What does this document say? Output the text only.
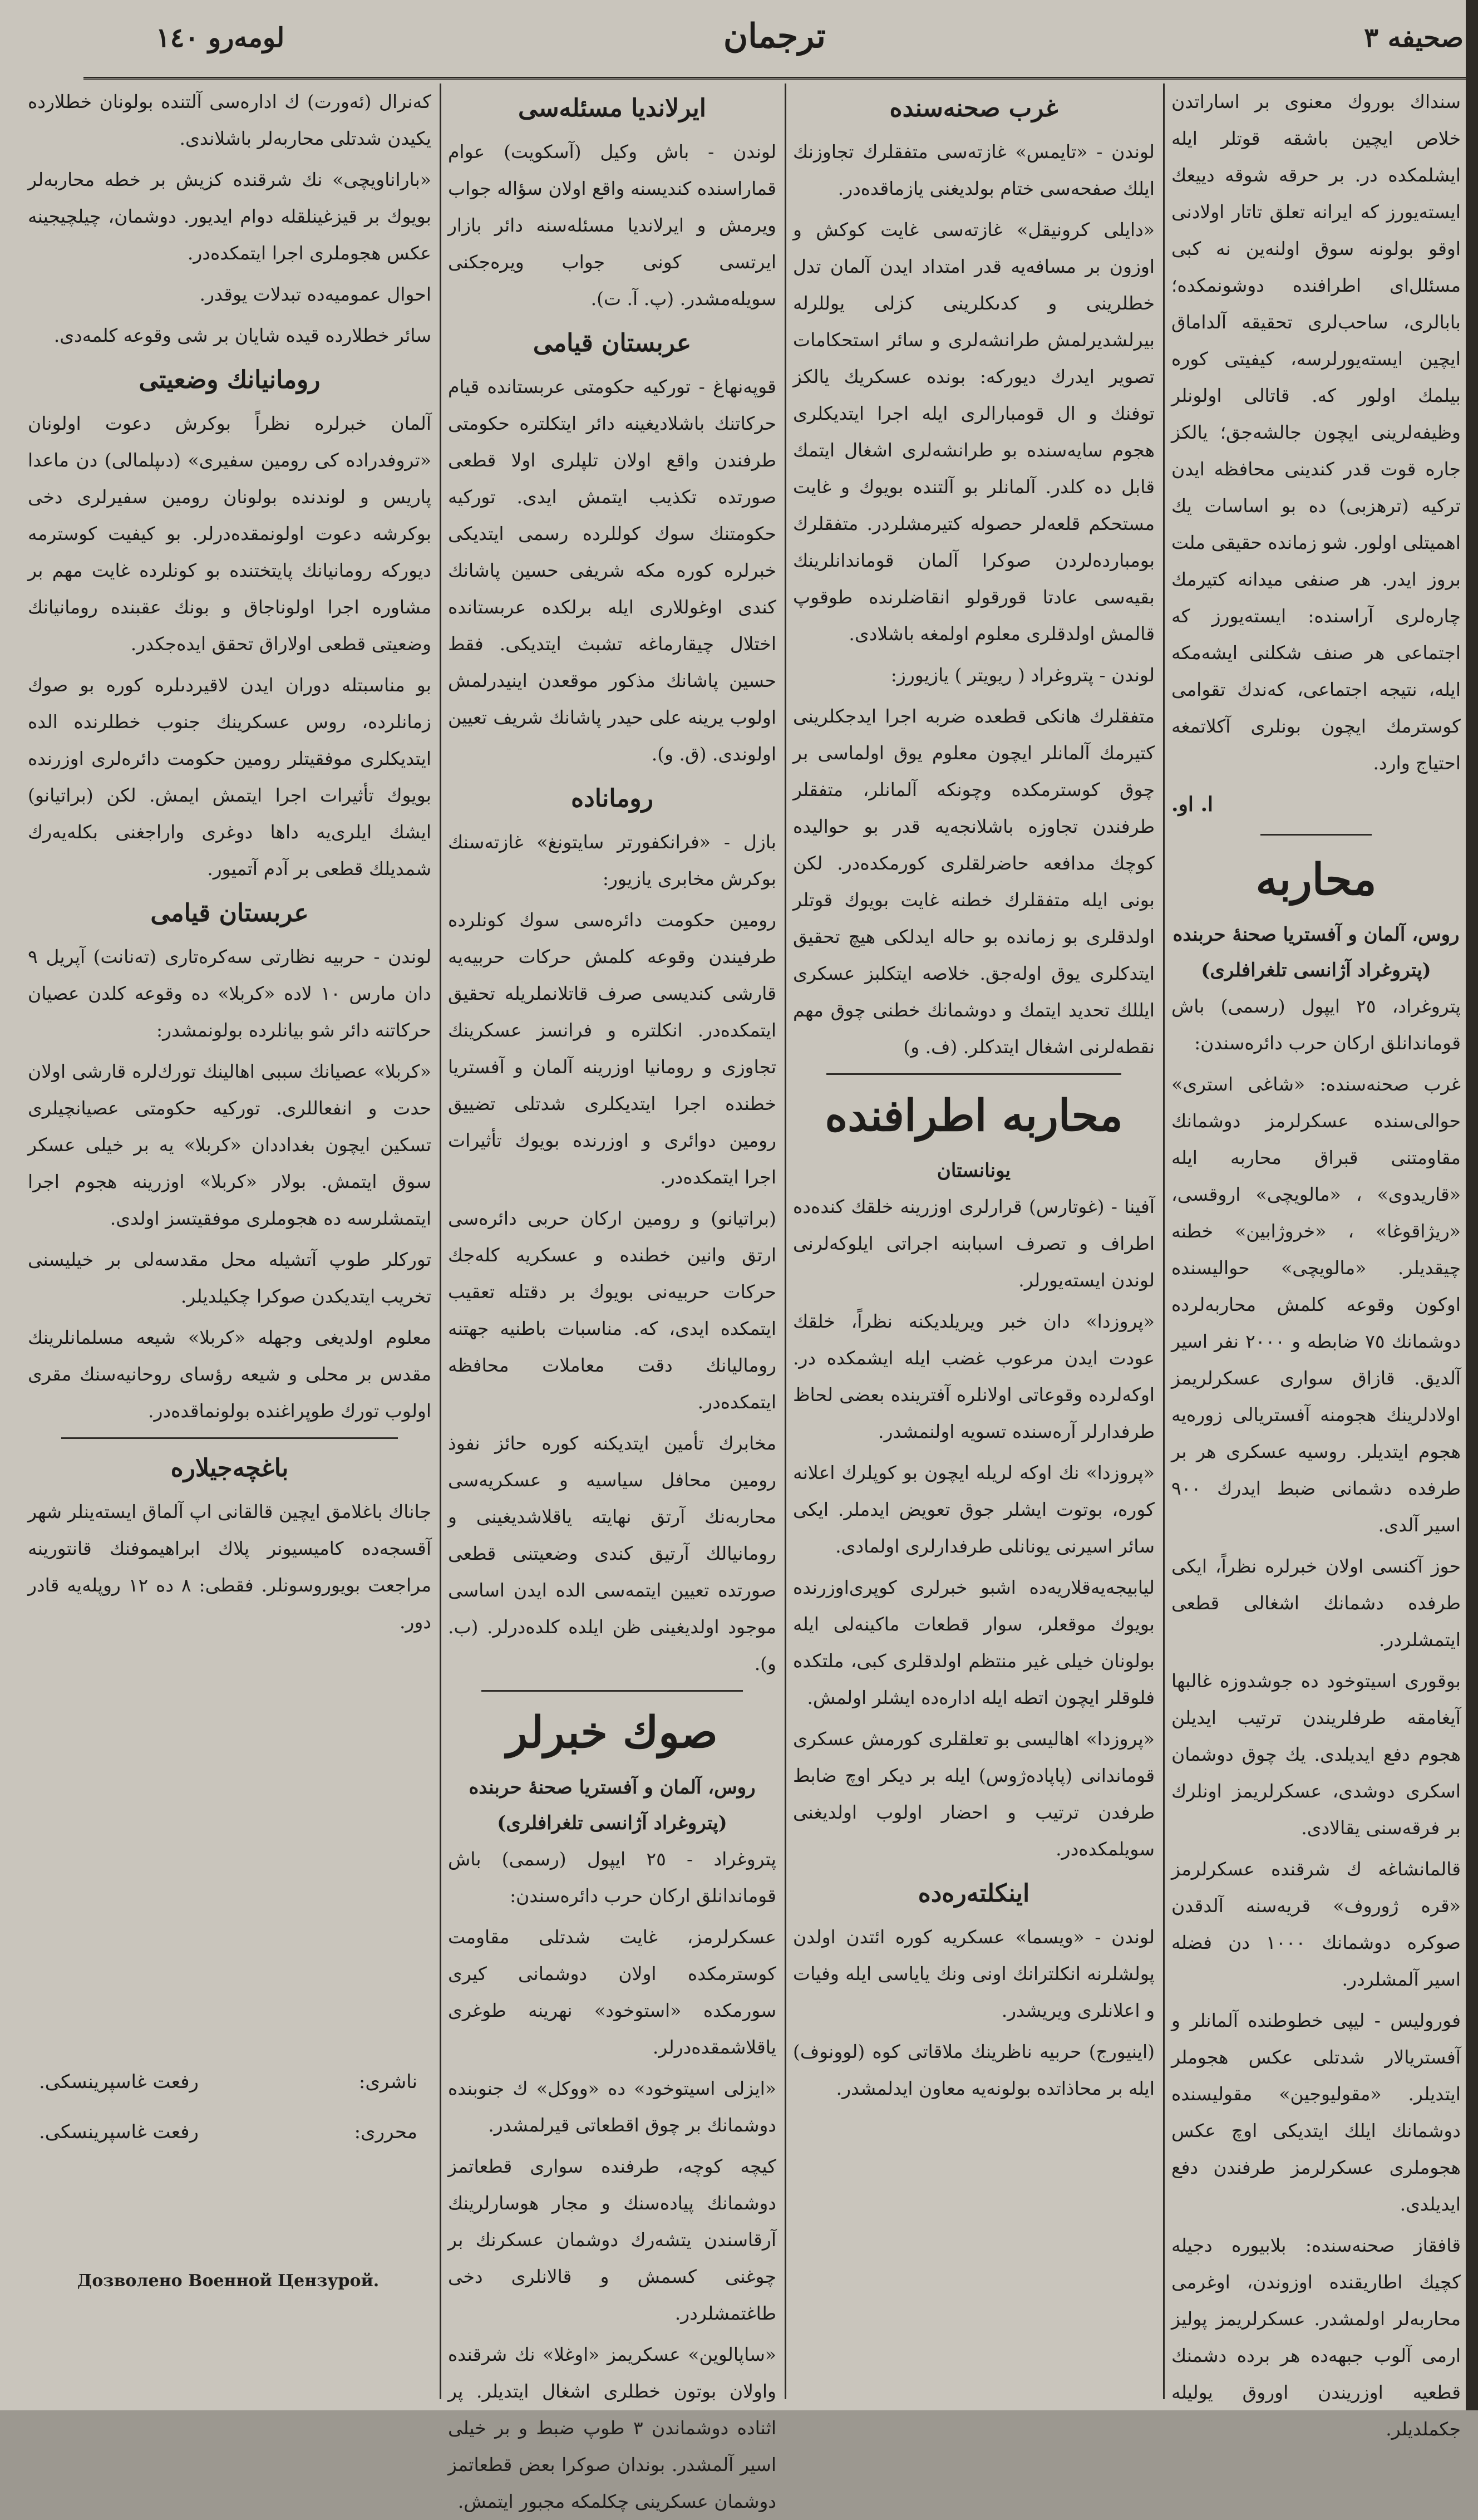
لومه‌رو ١٤٠	ترجمان	صحیفه ٣

سنداك بوروك معنوى بر اساراتدن خلاص ايچين باشقه قوتلر ايله ايشلمكده در. بر حرقه شوقه دييعك ايسته‌يورز كه ايرانه تعلق تاتار اولادنى اوقو بولونه سوق اولنه‌ين نه كبى مسئلل‌اى اطرافنده دوشونمكده؛ بابالرى، ساحب‌لرى تحقيقه آلداماق ايچين ايسته‌يورلرسه، كيفيتى كوره بيلمك اولور كه. قاتالى اولونلر وظيفه‌لرينى ايچون جالشه‌جق؛ يالكز جاره قوت قدر كندينى محافظه ايدن تركيه (ترهزبى) ده بو اساسات يك اهميتلى اولور. شو زمانده حقيقى ملت بروز ايدر. هر صنفى ميدانه كتيرمك چاره‌لرى آراسنده: ايسته‌يورز كه اجتماعى هر صنف شكلنى ايشه‌مكه ايله، نتيجه اجتماعى، كه‌ندك تقوامى كوسترمك ايچون بونلرى آكلاتمغه احتياج وارد.

ا. او.

محاربه
روس، آلمان و آفستريا صحنهٔ حربنده
(پتروغراد آژانسى تلغرافلرى)

پتروغراد، ٢٥ ايپول (رسمى) باش قوماندانلق ارکان حرب دائره‌سندن:

غرب صحنه‌سنده: «شاغى استرى» حوالى‌سنده عسكرلرمز دوشمانك مقاومتنى قبراق محاربه ايله «قاريدوى» ، «مالويچى» اروقسى، «ريژاقوغا» ، «خروژابين» خطنه چيقديلر. «مالويچى» حواليسنده اوكون وقوعه كلمش محاربه‌لرده دوشمانك ٧٥ ضابطه و ٢٠٠٠ نفر اسير آلديق. قازاق سوارى عسكرلريمز اولادلرينك هجومنه آفستريالى زوره‌يه هجوم ايتديلر. روسيه عسكرى هر بر طرفده دشمانى ضبط ايدرك ٩٠٠ اسير آلدى.

حوز آكنسى اولان خبرلره نظراً، ايكى طرفده دشمانك اشغالى قطعى ايتمشلردر.

بوقورى اسيتوخود ده جوشدوزه غالبها آيغامقه طرفلريندن ترتيب ايديلن هجوم دفع ايديلدى. يك چوق دوشمان اسكرى دوشدى، عسكرلريمز اونلرك بر فرقه‌سنى يقالادى.

قالمانشاغه ك شرقنده عسكرلرمز «قره ژوروف» قريه‌سنه آلدقدن صوكره دوشمانك ١٠٠٠ دن فضله اسير آلمشلردر.

فوروليس - ليپى خطوطنده آلمانلر و آفستريالار شدتلى عكس هجوملر ايتديلر. «مقوليوجين» مقوليسنده دوشمانك ايلك ايتديكى اوچ عكس هجوملرى عسكرلرمز طرفندن دفع ايديلدى.

قافقاز صحنه‌سنده: بلابيوره دجيله كچيك اطاريقنده اوزوندن، اوغرمى محاربه‌لر اولمشدر. عسكرلريمز پوليز ارمى آلوب جبهه‌ده هر برده دشمنك قطعيه اوزريندن اوروق يوليله جكملديلر.

غرب صحنه‌سنده

لوندن - «تايمس» غازته‌سى متفقلرك تجاوزنك ايلك صفحه‌سى ختام بولديغنى يازماقده‌در.

«دايلى كرونيقل» غازته‌سى غايت كوكش و اوزون بر مسافه‌يه قدر امتداد ايدن آلمان تدل خطلرينى و كدىكلرينى كزلى يوللرله بيرلشديرلمش طرانشه‌لرى و سائر استحكامات تصوير ايدرك ديورکه: بونده عسكريك يالكز توفنك و ال قومبارالرى ايله اجرا ايتديكلرى هجوم سايه‌سنده بو طرانشه‌لرى اشغال ايتمك قابل ده كلدر. آلمانلر بو آلتنده بويوك و غايت مستحكم قلعه‌لر حصوله كتيرمشلردر. متفقلرك بومبارده‌لردن صوكرا آلمان قوماندانلرينك بقيه‌سى عادتا قورقولو انقاضلرنده طوقوپ قالمش اولدقلرى معلوم اولمغه باشلادى.

لوندن - پتروغراد ( ريويتر ) يازيورز:

متفقلرك هانكى قطعده ضربه اجرا ايدجكلرينى كتيرمك آلمانلر ايچون معلوم يوق اولماسى بر چوق كوسترمكده وچونكه آلمانلر، متفقلر طرفندن تجاوزه باشلانجه‌يه قدر بو حواليده كوچك مدافعه حاضرلقلرى كورمكده‌در. لكن بونى ايله متفقلرك خطنه غايت بويوك قوتلر اولدقلرى بو زمانده بو حاله ايدلكى هيچ تحقيق ايتدكلرى يوق اوله‌جق. خلاصه ايتكلبز عسكرى ايللك تحديد ايتمك و دوشمانك خطنى چوق مهم نقطه‌لرنى اشغال ايتدكلر. (ف. و)

محاربه اطرافنده
يونانستان

آفينا - (غوتارس) قرارلرى اوزرينه خلقك كنده‌ده اطراف و تصرف اسبابنه اجراتى ايلوكه‌لرنى لوندن ايسته‌يورلر.

«پروزدا» دان خبر ويريلديكنه نظراً، خلقك عودت ايدن مرعوب غضب ايله ايشمكده در. اوكه‌لرده وقوعاتى اولانلره آفترينده بعضى لحاظ طرفدارلر آره‌سنده تسويه اولنمشدر.

«پروزدا» نك اوكه لريله ايچون بو كوپلرك اعلانه كوره، بوتوت ايشلر جوق تعويض ايدملر. ايكى سائر اسيرنى يونانلى طرفدارلرى اولمادى.

ليابيجه‌يه‌قلاريه‌ده اشبو خبرلرى كوپرى‌اوزرنده بويوك موقعلر، سوار قطعات ماكينه‌لى ايله بولونان خيلى غير منتظم اولدقلرى كبى، ملتكده فلوقلر ايچون اتطه ايله اداره‌ده ايشلر اولمش.

«پروزدا» اهاليسى بو تعلقلرى كورمش عسكرى قوماندانى (پاپاده‌ژوس) ايله بر ديكر اوچ ضابط طرفدن ترتيب و احضار اولوب اولديغنى سويلمكده‌در.

اينكلته‌ره‌ده

لوندن - «ويسما» عسكريه كوره ائتدن اولدن پولشلرنه انكلترانك اونى ونك ياياسى ايله وفيات و اعلانلرى ويريشدر.

(اينيورج) حربيه ناظرينك ملاقاتى كوه (لوونوف) ايله بر محاذاتده بولونه‌يه معاون ايدلمشدر.

ايرلانديا مسئله‌سى

لوندن - باش وكيل (آسكويت) عوام قماراسنده كنديسنه واقع اولان سؤاله جواب ويرمش و ايرلانديا مسئله‌سنه دائر بازار ايرتسى كونى جواب ويره‌جكنى سويله‌مشدر. (پ. آ. ت).

عربستان قيامى

قوپه‌نهاغ - توركيه حكومتى عربستانده قيام حركاتنك باشلاديغينه دائر ايتكلتره حكومتى طرفندن واقع اولان تلپلرى اولا قطعى صورتده تكذيب ايتمش ايدى. توركيه حكومتنك سوك كوللرده رسمى ايتديكى خبرلره كوره مكه شريفى حسين پاشانك كندى اوغوللارى ايله برلكده عربستانده اختلال چيقارماغه تشبث ايتديكى. فقط حسين پاشانك مذكور موقعدن اينيدرلمش اولوب يرينه على حيدر پاشانك شريف تعيين اولوندى. (ق. و).

روماناده

بازل - «فرانكفورتر سايتونغ» غازته‌سنك بوكرش مخابرى يازيور:

رومين حكومت دائره‌سى سوك كونلرده طرفيندن وقوعه كلمش حركات حربيه‌يه قارشى كنديسى صرف قاتلانملريله تحقيق ايتمكده‌در. انكلتره و فرانسز عسكرينك تجاوزى و رومانيا اوزرينه آلمان و آفستريا خطنده اجرا ايتديكلرى شدتلى تضييق رومين دوائرى و اوزرنده بويوك تأثيرات اجرا ايتمكده‌در.

(براتيانو) و رومين اركان حربى دائره‌سى ارتق وانين خطنده و عسكريه كله‌جك حركات حربيه‌نى بويوك بر دقتله تعقيب ايتمكده ايدى، كه. مناسبات باطنيه جهتنه روماليانك دقت معاملات محافظه ايتمكده‌در.

مخابرك تأمين ايتديكنه كوره حائز نفوذ رومين محافل سياسيه و عسكريه‌سى محاربه‌نك آرتق نهايته ياقلاشديغينى و رومانيالك آرتيق كندى وضعيتنى قطعى صورتده تعيين ايتمه‌سى الده ايدن اساسى موجود اولديغينى ظن ايلده كلده‌درلر. (ب. و).

صوك خبرلر
روس، آلمان و آفستريا صحنهٔ حربنده
(پتروغراد آژانسى تلغرافلرى)

پتروغراد - ٢٥ ايپول (رسمى) باش قوماندانلق اركان حرب دائره‌سندن:

عسكرلرمز، غايت شدتلى مقاومت كوسترمكده اولان دوشمانى كيرى سورمكده «استوخود» نهرينه طوغرى ياقلاشمقده‌درلر.

«ايزلى اسيتوخود» ده «ووكل» ك جنوبنده دوشمانك بر چوق اقطعاتى قيرلمشدر.

كيچه كوچه، طرفنده سوارى قطعاتمز دوشمانك پياده‌سنك و مجار هوسارلرينك آرقاسندن يتشه‌رك دوشمان عسكرنك بر چوغنى كسمش و قالانلرى دخى طاغتمشلردر.

«ساپالوين» عسكريمز «اوغلا» نك شرقنده واولان بوتون خطلرى اشغال ايتديلر. پر اثناده دوشماندن ٣ طوپ ضبط و بر خيلى اسير آلمشدر. بوندان صوكرا بعض قطعاتمز دوشمان عسكرينى چكلمكه مجبور ايتمش.

كه‌نرال (ئه‌ورت) ك اداره‌سى آلتنده بولونان خطلارده يكيدن شدتلى محاربه‌لر باشلاندى.

«باراناويچى» نك شرقنده كزيش بر خطه محاربه‌لر بويوك بر قيزغينلقله دوام ايديور. دوشمان، چيلچيجينه عكس هجوملرى اجرا ايتمكده‌در.

احوال عموميه‌ده تبدلات يوقدر.

سائر خطلارده قيده شايان بر شى وقوعه كلمه‌دى.

رومانيانك وضعيتى

آلمان خبرلره نظراً بوكرش دعوت اولونان «تروفدراده كى رومين سفيرى» (دىپلمالى) دن ماعدا پاريس و لوندنده بولونان رومين سفيرلرى دخى بوكرشه دعوت اولونمقده‌درلر. بو كيفيت كوسترمه ديوركه رومانيانك پايتختنده بو كونلرده غايت مهم بر مشاوره اجرا اولوناجاق و بونك عقبنده رومانيانك وضعيتى قطعى اولاراق تحقق ايده‌جكدر.

بو مناسبتله دوران ايدن لاقيردىلره كوره بو صوك زمانلرده، روس عسكرينك جنوب خطلرنده الده ايتديكلرى موفقيتلر رومين حكومت دائره‌لرى اوزرنده بويوك تأثيرات اجرا ايتمش ايمش. لكن (براتيانو) ايشك ايلرى‌يه داها دوغرى واراجغنى بكله‌يه‌رك شمديلك قطعى بر آدم آتميور.

عربستان قيامى

لوندن - حربيه نظارتى سه‌كره‌تارى (تەنانت) آپريل ٩ دان مارس ١٠ لاده «كربلا» ده وقوعه كلدن عصيان حركاتنه دائر شو بيانلرده بولونمشدر:

«كربلا» عصيانك سببى اهالينك تورك‌لره قارشى اولان حدت و انفعاللرى. توركيه حكومتى عصيانچيلرى تسكين ايچون بغداددان «كربلا» يه بر خيلى عسكر سوق ايتمش. بولار «كربلا» اوزرينه هجوم اجرا ايتمشلرسه ده هجوملرى موفقيتسز اولدى.

توركلر طوپ آتشيله محل مقدسه‌لى بر خيليسنى تخريب ايتديكدن صوكرا چكيلديلر.

معلوم اولديغى وجهله «كربلا» شيعه مسلمانلرينك مقدس بر محلى و شيعه رؤساى روحانيه‌سنك مقرى اولوب تورك طوپراغنده بولونماقده‌در.

باغچه‌جيلاره

جاناك باغلامق ايچين قالقانى اپ آلماق ايسته‌ينلر شهر آقسجه‌ده كاميسيونر پلاك ابراهيموفنك قانتورينه مراجعت بويوروسونلر. فقطى: ٨ ده ١٢ روپلەيه قادر دور.

ناشرى:
رفعت غاسپرينسكى.
محررى:
رفعت غاسپرينسكى.
Дозволено Военной Цензурой.
